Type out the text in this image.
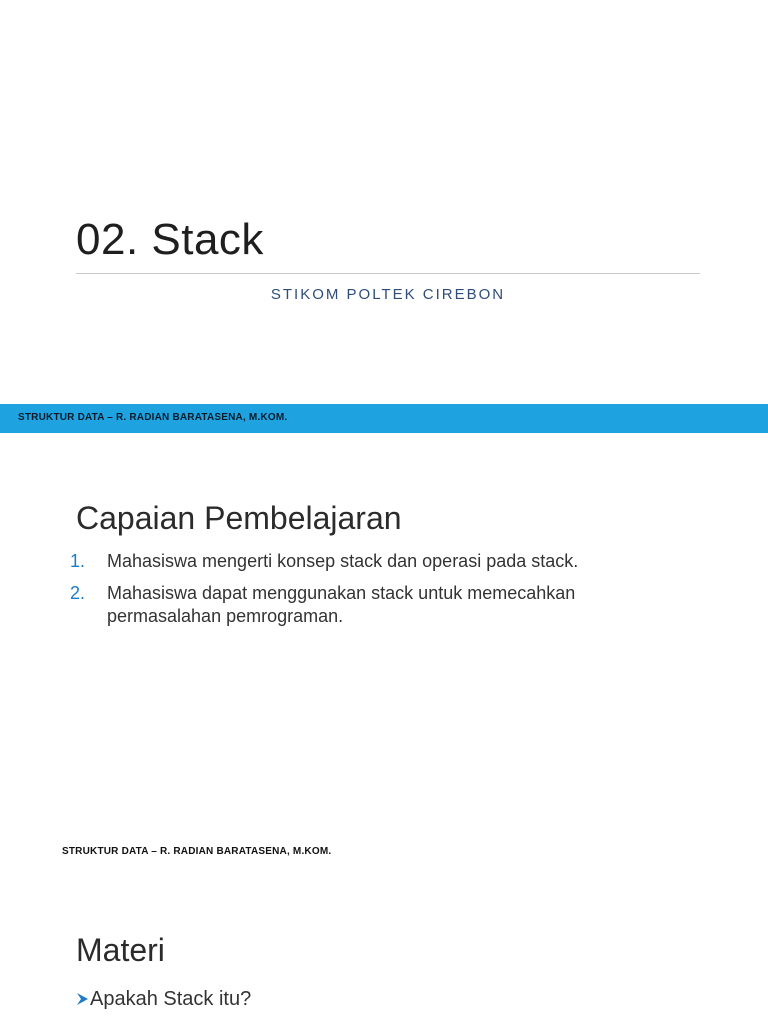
02. Stack
STIKOM POLTEK CIREBON
STRUKTUR DATA – R. RADIAN BARATASENA, M.KOM.
Capaian Pembelajaran
1. Mahasiswa mengerti konsep stack dan operasi pada stack.
2. Mahasiswa dapat menggunakan stack untuk memecahkan permasalahan pemrograman.
STRUKTUR DATA – R. RADIAN BARATASENA, M.KOM.
Materi
Apakah Stack itu?
